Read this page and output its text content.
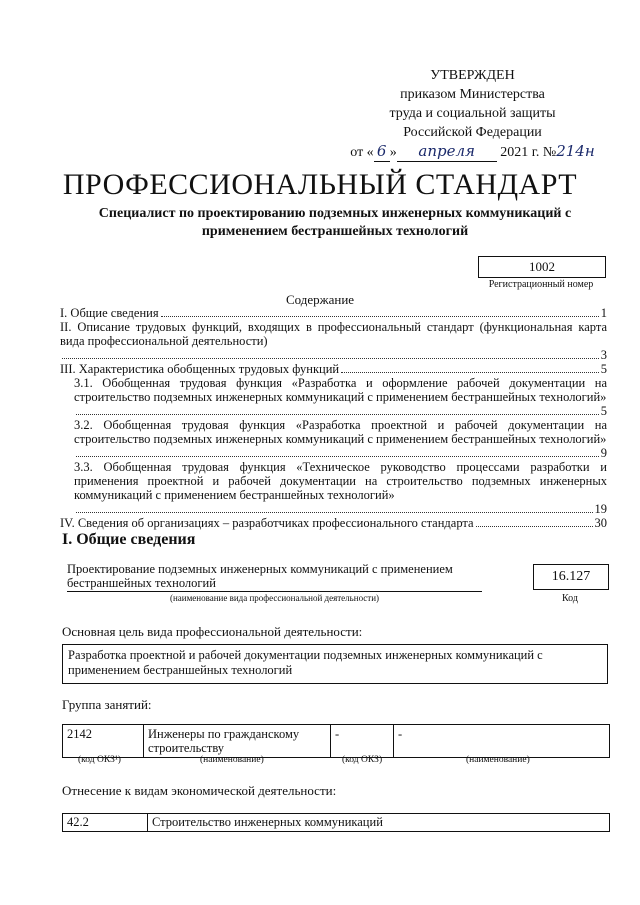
УТВЕРЖДЕН
приказом Министерства
труда и социальной защиты
Российской Федерации
от « 6 » апреля 2021 г. №214н
ПРОФЕССИОНАЛЬНЫЙ СТАНДАРТ
Специалист по проектированию подземных инженерных коммуникаций с применением бестраншейных технологий
1002
Регистрационный номер
Содержание
I. Общие сведения	1
II. Описание трудовых функций, входящих в профессиональный стандарт (функциональная карта вида профессиональной деятельности)
3
III. Характеристика обобщенных трудовых функций	5
3.1. Обобщенная трудовая функция «Разработка и оформление рабочей документации на строительство подземных инженерных коммуникаций с применением бестраншейных технологий»
5
3.2. Обобщенная трудовая функция «Разработка проектной и рабочей документации на строительство подземных инженерных коммуникаций с применением бестраншейных технологий»
9
3.3. Обобщенная трудовая функция «Техническое руководство процессами разработки и применения проектной и рабочей документации на строительство подземных инженерных коммуникаций с применением бестраншейных технологий»
19
IV. Сведения об организациях – разработчиках профессионального стандарта	30
I. Общие сведения
Проектирование подземных инженерных коммуникаций с применением бестраншейных технологий
(наименование вида профессиональной деятельности)
16.127
Код
Основная цель вида профессиональной деятельности:
Разработка проектной и рабочей документации подземных инженерных коммуникаций с применением бестраншейных технологий
Группа занятий:
2142	Инженеры по гражданскому строительству	-	-
(код ОКЗ¹)	(наименование)	(код ОКЗ)	(наименование)
Отнесение к видам экономической деятельности:
42.2	Строительство инженерных коммуникаций
